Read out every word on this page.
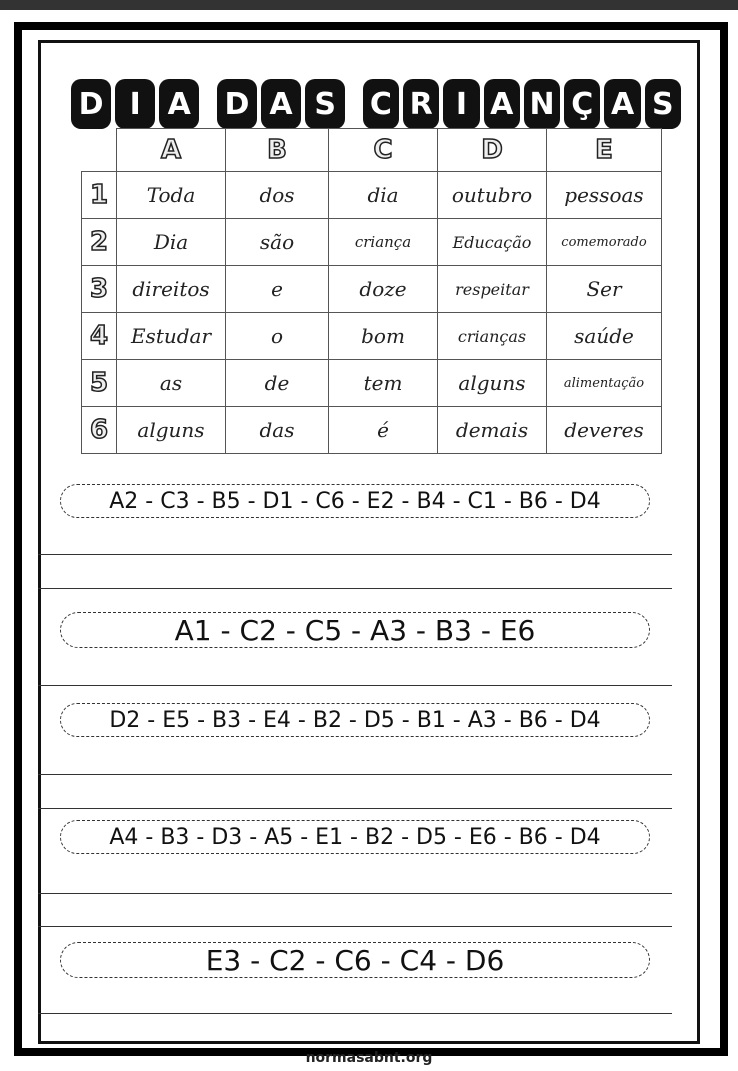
D I A D A S	C R I A N Ç A S
	A	B	C	D	E
1	Toda	dos	dia	outubro	pessoas
2	Dia	são	criança	Educação	comemorado
3	direitos	e	doze	respeitar	Ser
4	Estudar	o	bom	crianças	saúde
5	as	de	tem	alguns	alimentação
6	alguns	das	é	demais	deveres
A2 - C3 - B5 - D1 - C6 - E2 - B4 - C1 - B6 - D4
A1 - C2 - C5 - A3 - B3 - E6
D2 - E5 - B3 - E4 - B2 - D5 - B1 - A3 - B6 - D4
A4 - B3 - D3 - A5 - E1 - B2 - D5 - E6 - B6 - D4
E3 - C2 - C6 - C4 - D6
normasabnt.org
